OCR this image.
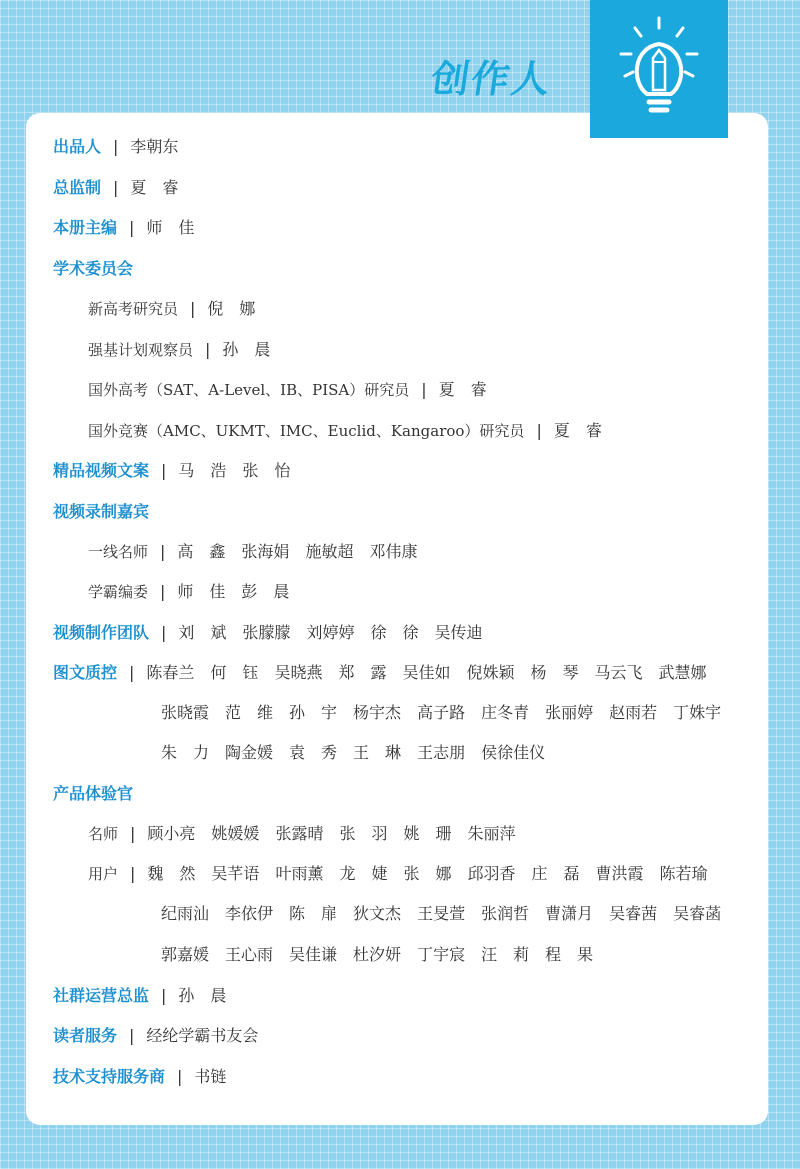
创作人
出品人 | 李朝东
总监制 | 夏　睿
本册主编 | 师　佳
学术委员会
新高考研究员 | 倪　娜
强基计划观察员 | 孙　晨
国外高考（SAT、A-Level、IB、PISA）研究员 | 夏　睿
国外竞赛（AMC、UKMT、IMC、Euclid、Kangaroo）研究员 | 夏　睿
精品视频文案 | 马　浩 张　怡
视频录制嘉宾
一线名师 | 高　鑫 张海娟 施敏超 邓伟康
学霸编委 | 师　佳 彭　晨
视频制作团队 | 刘　斌 张朦朦 刘婷婷 徐　徐 吴传迪
图文质控 | 陈春兰 何　钰 吴晓燕 郑　露 吴佳如 倪姝颖 杨　琴 马云飞 武慧娜
张晓霞 范　维 孙　宇 杨宇杰 高子路 庄冬青 张丽婷 赵雨若 丁姝宇
朱　力 陶金媛 袁　秀 王　琳 王志朋 侯徐佳仪
产品体验官
名师 | 顾小亮 姚媛媛 张露晴 张　羽 姚　珊 朱丽萍
用户 | 魏　然 吴芊语 叶雨薰 龙　婕 张　娜 邱羽香 庄　磊 曹洪霞 陈若瑜
纪雨汕 李依伊 陈　扉 狄文杰 王旻萱 张润哲 曹潇月 吴睿茜 吴睿菡
郭嘉媛 王心雨 吴佳谦 杜汐妍 丁宇宸 汪　莉 程　果
社群运营总监 | 孙　晨
读者服务 | 经纶学霸书友会
技术支持服务商 | 书链
